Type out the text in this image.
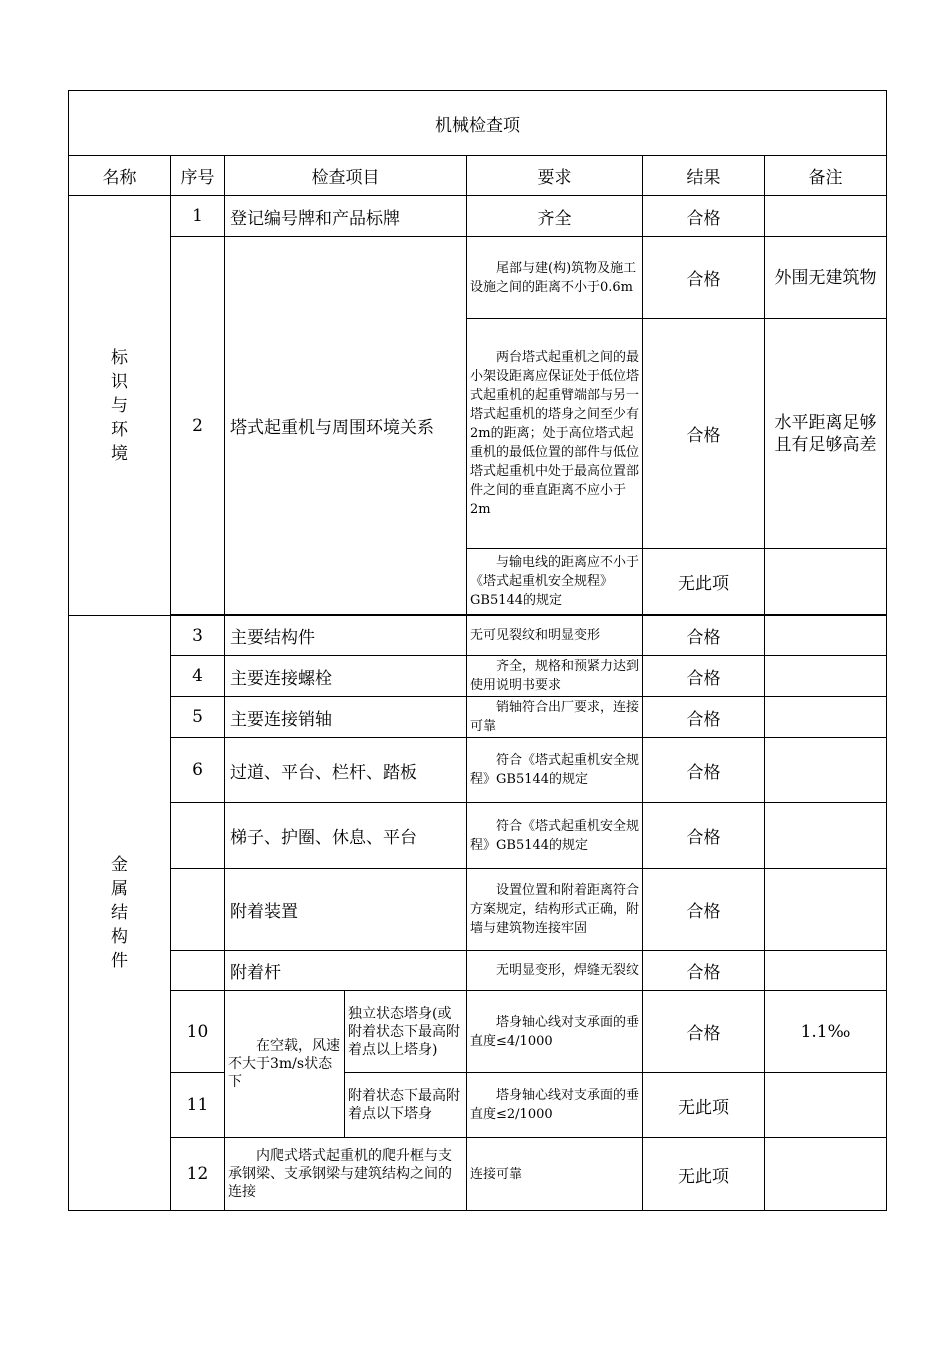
机械检查项						
名称	序号	检查项目		要求	结果	备注

标
识
与
环
境	1	登记编号牌和产品标牌		齐全	合格	
	2	塔式起重机与周围环境关系		尾部与建(构)筑物及施工设施之间的距离不小于0.6m	合格	外围无建筑物
				两台塔式起重机之间的最小架设距离应保证处于低位塔式起重机的起重臂端部与另一塔式起重机的塔身之间至少有2m的距离；处于高位塔式起重机的最低位置的部件与低位塔式起重机中处于最高位置部件之间的垂直距离不应小于2m	合格	水平距离足够且有足够高差
				与输电线的距离应不小于《塔式起重机安全规程》GB5144的规定	无此项	

金
属
结
构
件	3	主要结构件		无可见裂纹和明显变形	合格	
	4	主要连接螺栓		齐全，规格和预紧力达到使用说明书要求	合格	
	5	主要连接销轴		销轴符合出厂要求，连接可靠	合格	
	6	过道、平台、栏杆、踏板		符合《塔式起重机安全规程》GB5144的规定	合格	
		梯子、护圈、休息、平台		符合《塔式起重机安全规程》GB5144的规定	合格	
		附着装置		设置位置和附着距离符合方案规定，结构形式正确，附墙与建筑物连接牢固	合格	
		附着杆		无明显变形，焊缝无裂纹	合格	
	10	在空载，风速不大于3m/s状态下	独立状态塔身(或附着状态下最高附着点以上塔身)	塔身轴心线对支承面的垂直度≤4/1000	合格	1.1‰
	11		附着状态下最高附着点以下塔身	塔身轴心线对支承面的垂直度≤2/1000	无此项	
	12	内爬式塔式起重机的爬升框与支承钢梁、支承钢梁与建筑结构之间的连接		连接可靠	无此项	
